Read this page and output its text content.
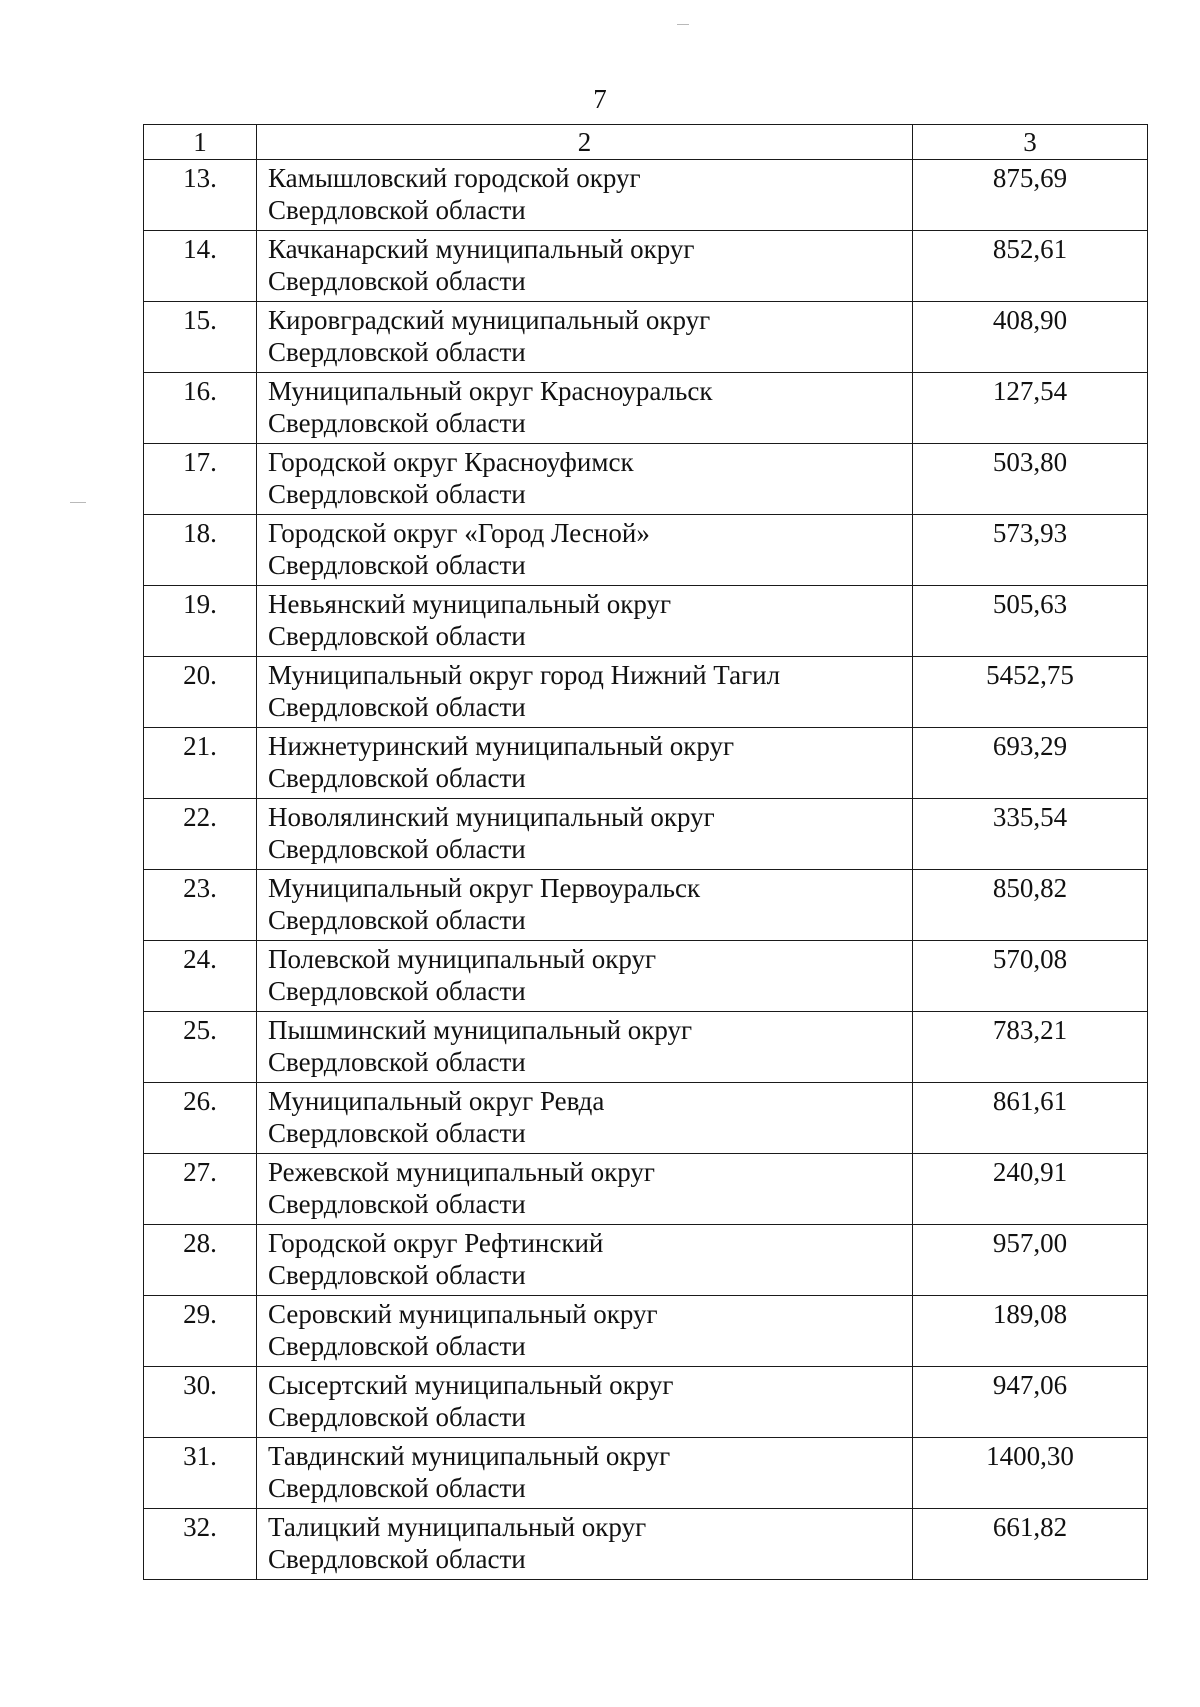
7
1	2	3
13.	Камышловский городской округ
Свердловской области	875,69
14.	Качканарский муниципальный округ
Свердловской области	852,61
15.	Кировградский муниципальный округ
Свердловской области	408,90
16.	Муниципальный округ Красноуральск
Свердловской области	127,54
17.	Городской округ Красноуфимск
Свердловской области	503,80
18.	Городской округ «Город Лесной»
Свердловской области	573,93
19.	Невьянский муниципальный округ
Свердловской области	505,63
20.	Муниципальный округ город Нижний Тагил
Свердловской области	5452,75
21.	Нижнетуринский муниципальный округ
Свердловской области	693,29
22.	Новолялинский муниципальный округ
Свердловской области	335,54
23.	Муниципальный округ Первоуральск
Свердловской области	850,82
24.	Полевской муниципальный округ
Свердловской области	570,08
25.	Пышминский муниципальный округ
Свердловской области	783,21
26.	Муниципальный округ Ревда
Свердловской области	861,61
27.	Режевской муниципальный округ
Свердловской области	240,91
28.	Городской округ Рефтинский
Свердловской области	957,00
29.	Серовский муниципальный округ
Свердловской области	189,08
30.	Сысертский муниципальный округ
Свердловской области	947,06
31.	Тавдинский муниципальный округ
Свердловской области	1400,30
32.	Талицкий муниципальный округ
Свердловской области	661,82
